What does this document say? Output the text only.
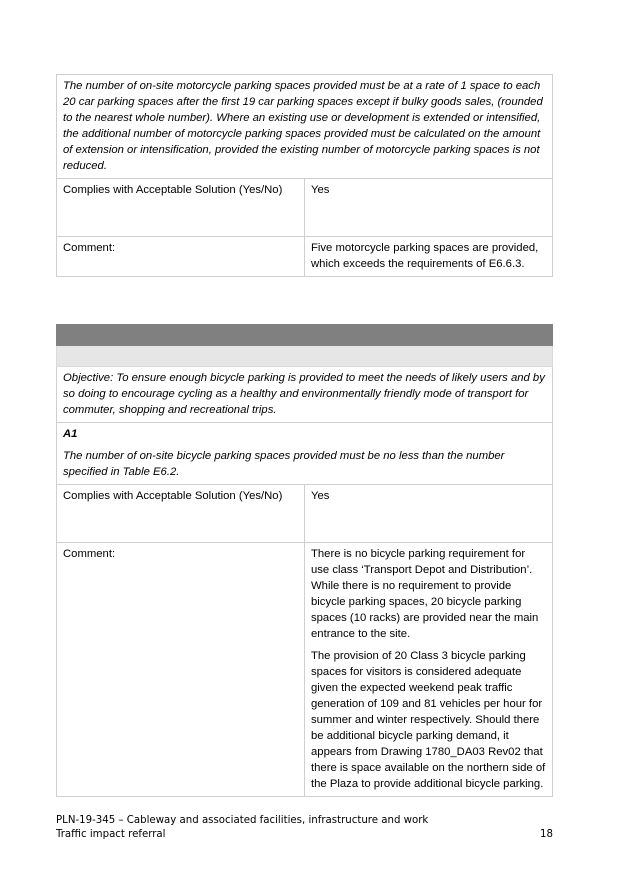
The number of on-site motorcycle parking spaces provided must be at a rate of 1 space to each 20 car parking spaces after the first 19 car parking spaces except if bulky goods sales, (rounded to the nearest whole number). Where an existing use or development is extended or intensified, the additional number of motorcycle parking spaces provided must be calculated on the amount of extension or intensification, provided the existing number of motorcycle parking spaces is not reduced.	
Complies with Acceptable Solution (Yes/No)	Yes
Comment:	Five motorcycle parking spaces are provided, which exceeds the requirements of E6.6.3.

Objective: To ensure enough bicycle parking is provided to meet the needs of likely users and by so doing to encourage cycling as a healthy and environmentally friendly mode of transport for commuter, shopping and recreational trips.	

A1
The number of on-site bicycle parking spaces provided must be no less than the number specified in Table E6.2.	

Complies with Acceptable Solution (Yes/No)	Yes
Comment:	There is no bicycle parking requirement for use class ‘Transport Depot and Distribution’. While there is no requirement to provide bicycle parking spaces, 20 bicycle parking spaces (10 racks) are provided near the main entrance to the site.

The provision of 20 Class 3 bicycle parking spaces for visitors is considered adequate given the expected weekend peak traffic generation of 109 and 81 vehicles per hour for summer and winter respectively. Should there be additional bicycle parking demand, it appears from Drawing 1780_DA03 Rev02 that there is space available on the northern side of the Plaza to provide additional bicycle parking.

PLN-19-345 – Cableway and associated facilities, infrastructure and work
Traffic impact referral	18
